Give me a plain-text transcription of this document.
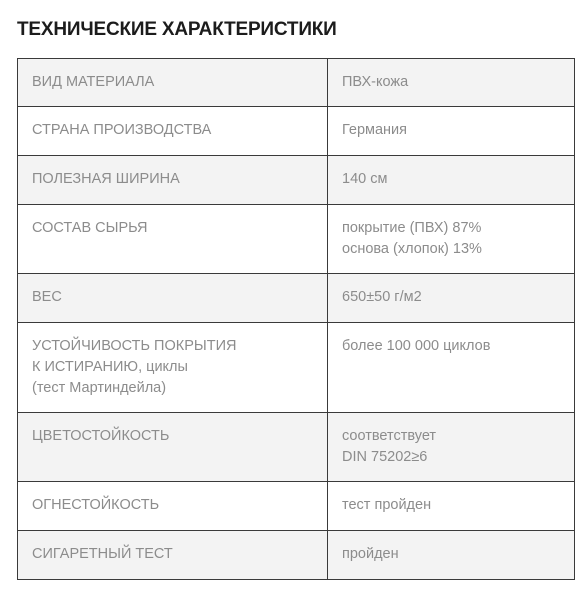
ТЕХНИЧЕСКИЕ ХАРАКТЕРИСТИКИ
ВИД МАТЕРИАЛА	ПВХ-кожа

СТРАНА ПРОИЗВОДСТВА	Германия

ПОЛЕЗНАЯ ШИРИНА	140 см

СОСТАВ СЫРЬЯ	покрытие (ПВХ) 87%
основа (хлопок) 13%

ВЕС	650±50 г/м2

УСТОЙЧИВОСТЬ ПОКРЫТИЯ
К ИСТИРАНИЮ, циклы
(тест Мартиндейла)	более 100 000 циклов

ЦВЕТОСТОЙКОСТЬ	соответствует
DIN 75202≥6

ОГНЕСТОЙКОСТЬ	тест пройден

СИГАРЕТНЫЙ ТЕСТ	пройден
